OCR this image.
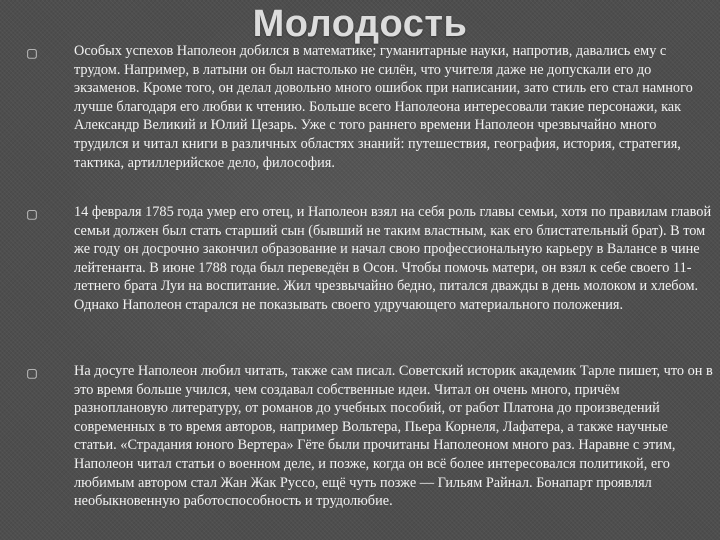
Молодость
▢	Особых успехов Наполеон добился в математике; гуманитарные науки, напротив, давались ему с трудом. Например, в латыни он был настолько не силён, что учителя даже не допускали его до экзаменов. Кроме того, он делал довольно много ошибок при написании, зато стиль его стал намного лучше благодаря его любви к чтению. Больше всего Наполеона интересовали такие персонажи, как Александр Великий и Юлий Цезарь. Уже с того раннего времени Наполеон чрезвычайно много трудился и читал книги в различных областях знаний: путешествия, география, история, стратегия, тактика, артиллерийское дело, философия.
▢	14 февраля 1785 года умер его отец, и Наполеон взял на себя роль главы семьи, хотя по правилам главой семьи должен был стать старший сын (бывший не таким властным, как его блистательный брат). В том же году он досрочно закончил образование и начал свою профессиональную карьеру в Валансе в чине лейтенанта. В июне 1788 года был переведён в Осон. Чтобы помочь матери, он взял к себе своего 11-летнего брата Луи на воспитание. Жил чрезвычайно бедно, питался дважды в день молоком и хлебом. Однако Наполеон старался не показывать своего удручающего материального положения.
▢	На досуге Наполеон любил читать, также сам писал. Советский историк академик Тарле пишет, что он в это время больше учился, чем создавал собственные идеи. Читал он очень много, причём разноплановую литературу, от романов до учебных пособий, от работ Платона до произведений современных в то время авторов, например Вольтера, Пьера Корнеля, Лафатера, а также научные статьи. «Страдания юного Вертера» Гёте были прочитаны Наполеоном много раз. Наравне с этим, Наполеон читал статьи о военном деле, и позже, когда он всё более интересовался политикой, его любимым автором стал Жан Жак Руссо, ещё чуть позже — Гильям Райнал. Бонапарт проявлял необыкновенную работоспособность и трудолюбие.
